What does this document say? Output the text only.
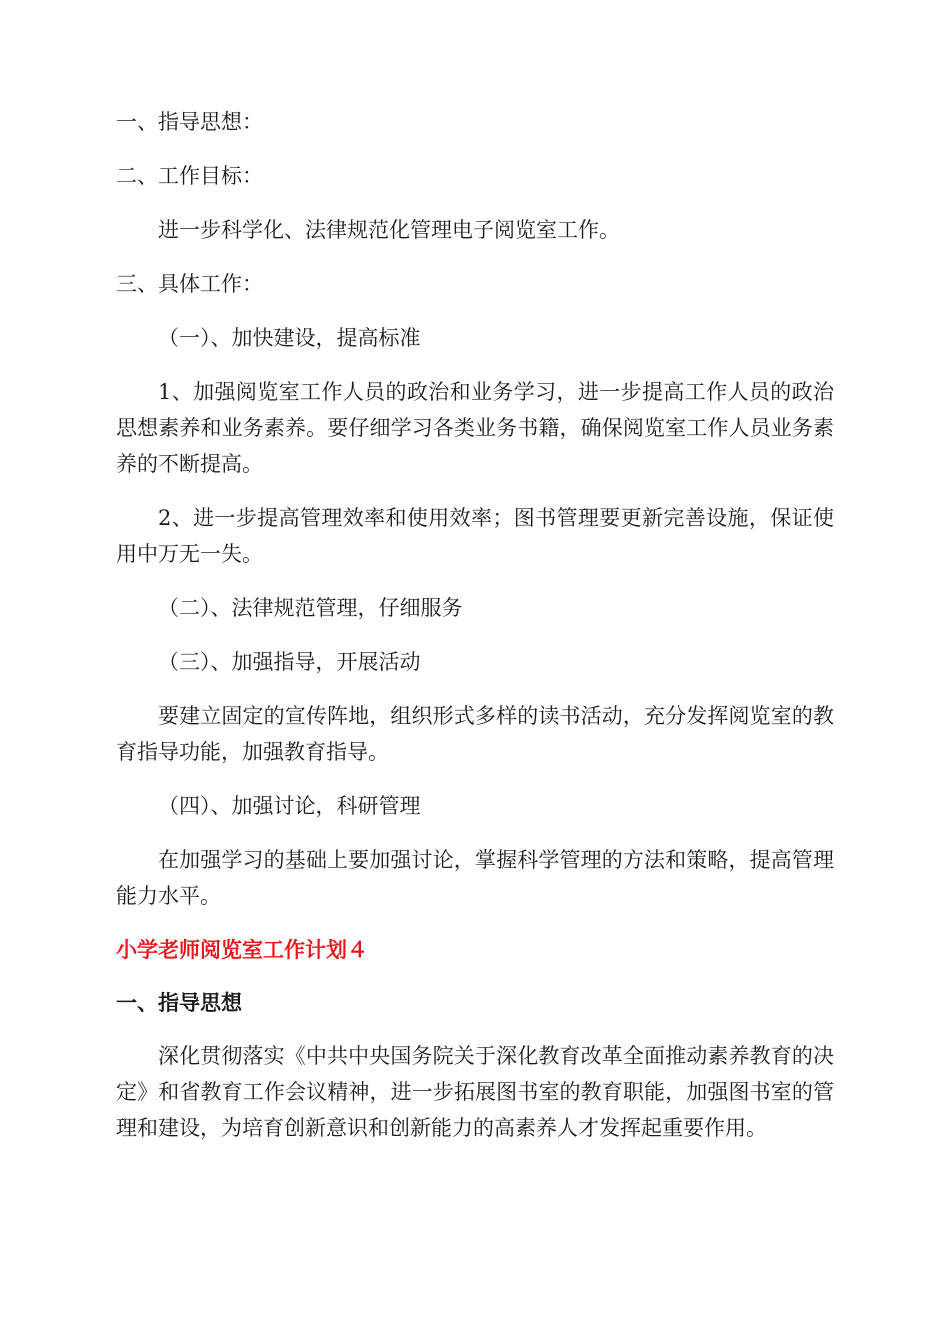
一、指导思想：

二、工作目标：

进一步科学化、法律规范化管理电子阅览室工作。

三、具体工作：

（一）、加快建设，提高标准

1、加强阅览室工作人员的政治和业务学习，进一步提高工作人员的政治思想素养和业务素养。要仔细学习各类业务书籍，确保阅览室工作人员业务素养的不断提高。

2、进一步提高管理效率和使用效率；图书管理要更新完善设施，保证使用中万无一失。

（二）、法律规范管理，仔细服务

（三）、加强指导，开展活动

要建立固定的宣传阵地，组织形式多样的读书活动，充分发挥阅览室的教育指导功能，加强教育指导。

（四）、加强讨论，科研管理

在加强学习的基础上要加强讨论，掌握科学管理的方法和策略，提高管理能力水平。

小学老师阅览室工作计划４

一、指导思想

深化贯彻落实《中共中央国务院关于深化教育改革全面推动素养教育的决定》和省教育工作会议精神，进一步拓展图书室的教育职能，加强图书室的管理和建设，为培育创新意识和创新能力的高素养人才发挥起重要作用。
